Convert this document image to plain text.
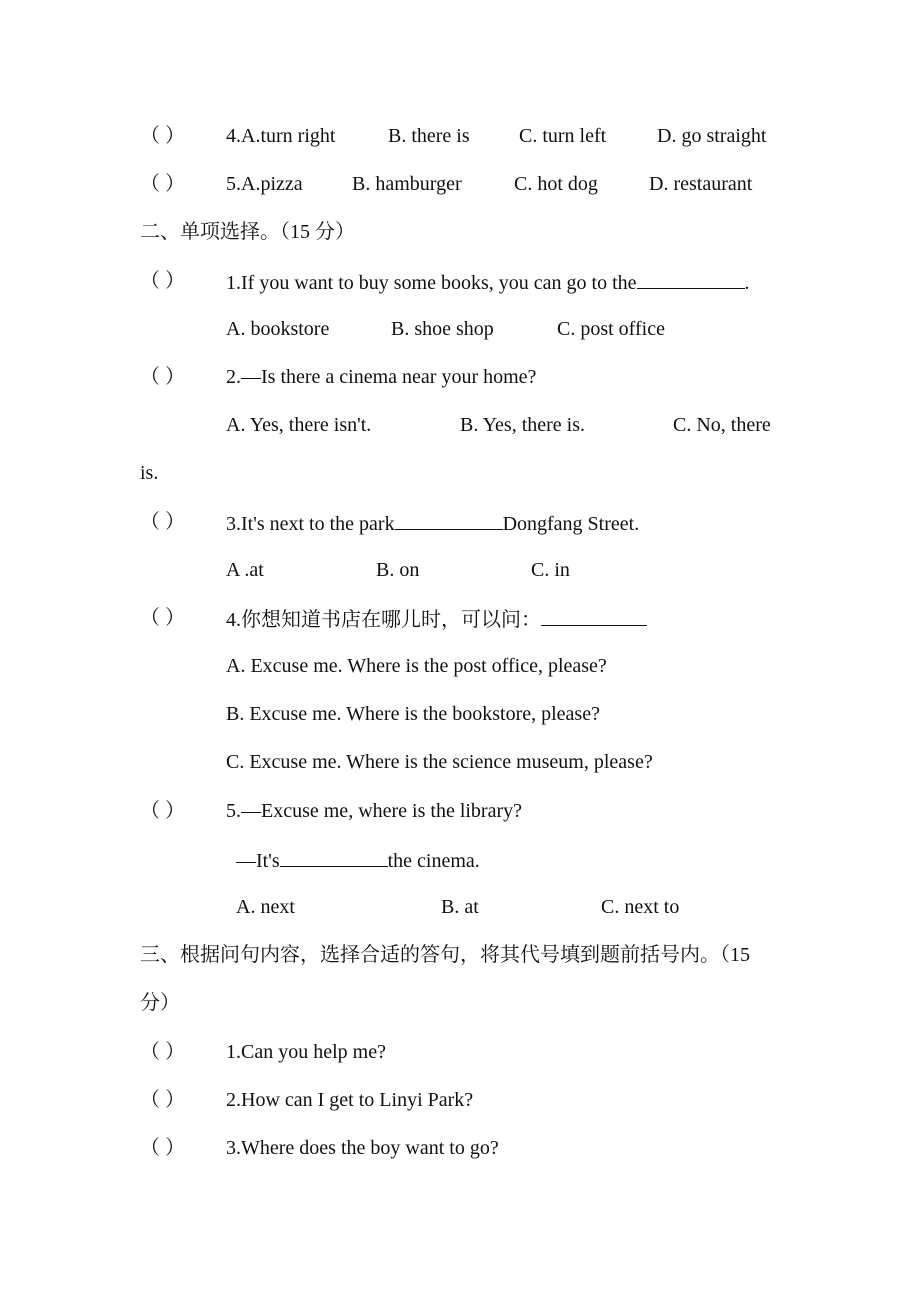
（ ） 4.A.turn right	B. there is C. turn left	D. go straight
（ ） 5.A.pizza B. hamburger	C. hot dog	D. restaurant
二、单项选择。（15 分）
（ ） 1.If you want to buy some books, you can go to the	.
A. bookstore	B. shoe shop	C. post office
（ ） 2.—Is there a cinema near your home?
A. Yes, there isn't.	B. Yes, there is.	C. No, there
is.
（ ） 3.It's next to the park	Dongfang Street.
A .at	B. on	C. in
（ ） 4.你想知道书店在哪儿时，可以问：
A. Excuse me. Where is the post office, please?
B. Excuse me. Where is the bookstore, please?
C. Excuse me. Where is the science museum, please?
（ ） 5.—Excuse me, where is the library?
—It's	the cinema.
A. next	B. at	C. next to
三、根据问句内容，选择合适的答句，将其代号填到题前括号内。（15
分）
（ ） 1.Can you help me?
（ ） 2.How can I get to Linyi Park?
（ ） 3.Where does the boy want to go?
